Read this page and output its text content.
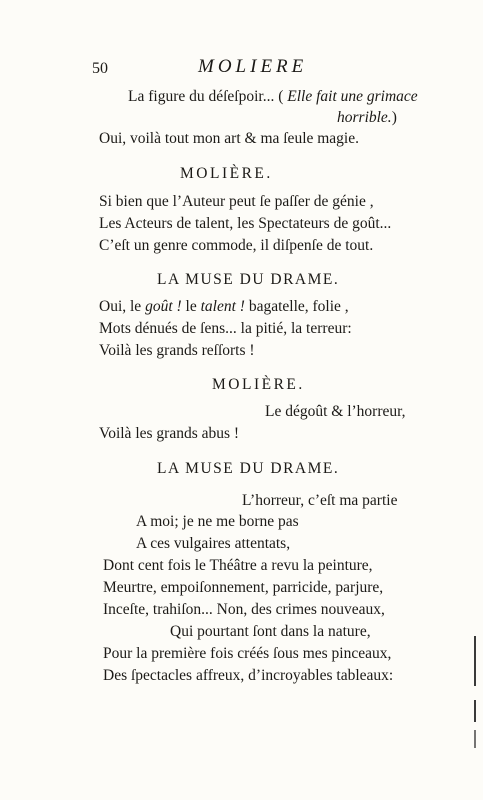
50	MOLIERE
La figure du déſeſpoir... ( Elle fait une grimace
horrible.)
Oui, voilà tout mon art & ma ſeule magie.
MOLIÈRE.
Si bien que l’Auteur peut ſe paſſer de génie ,
Les Acteurs de talent, les Spectateurs de goût...
C’eſt un genre commode, il diſpenſe de tout.
LA MUSE DU DRAME.
Oui, le goût ! le talent ! bagatelle, folie ,
Mots dénués de ſens... la pitié, la terreur:
Voilà les grands reſſorts !
MOLIÈRE.
Le dégoût & l’horreur,
Voilà les grands abus !
LA MUSE DU DRAME.
L’horreur, c’eſt ma partie
A moi; je ne me borne pas
A ces vulgaires attentats,
Dont cent fois le Théâtre a revu la peinture,
Meurtre, empoiſonnement, parricide, parjure,
Inceſte, trahiſon... Non, des crimes nouveaux,
Qui pourtant ſont dans la nature,
Pour la première fois créés ſous mes pinceaux,
Des ſpectacles affreux, d’incroyables tableaux:
